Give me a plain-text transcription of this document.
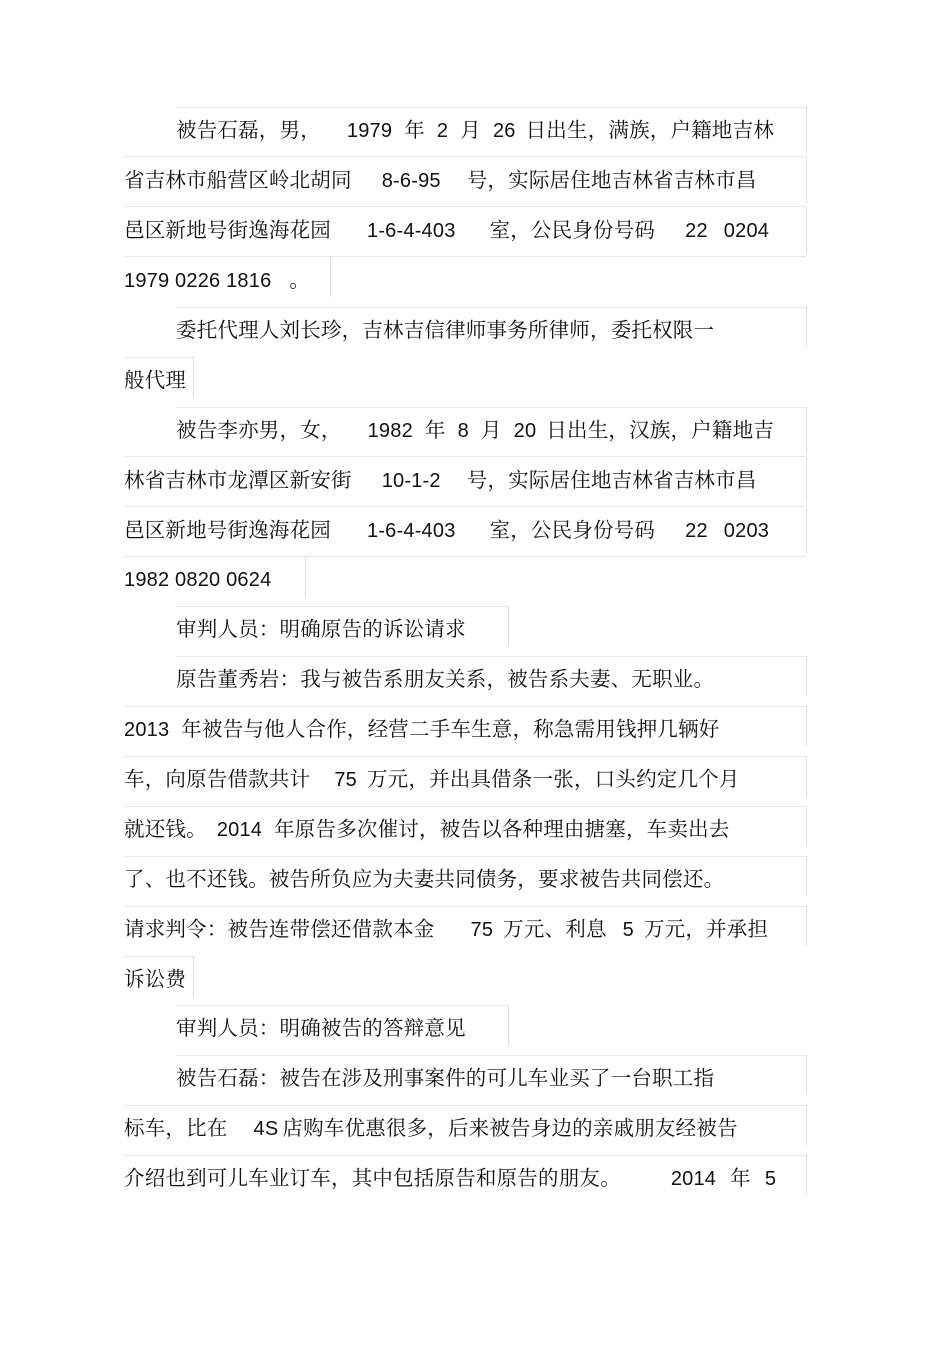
被告石磊，男， 1979 年 2 月 26 日出生，满族，户籍地吉林
省吉林市船营区岭北胡同 8-6-95 号，实际居住地吉林省吉林市昌
邑区新地号街逸海花园 1-6-4-403 室，公民身份号码 22 0204
1979 0226 1816 。
委托代理人刘长珍，吉林吉信律师事务所律师，委托权限一
般代理
被告李亦男，女， 1982 年 8 月 20 日出生，汉族，户籍地吉
林省吉林市龙潭区新安街 10-1-2 号，实际居住地吉林省吉林市昌
邑区新地号街逸海花园 1-6-4-403 室，公民身份号码 22 0203
1982 0820 0624
审判人员：明确原告的诉讼请求
原告董秀岩：我与被告系朋友关系，被告系夫妻、无职业。
2013 年被告与他人合作，经营二手车生意，称急需用钱押几辆好
车，向原告借款共计 75 万元，并出具借条一张，口头约定几个月
就还钱。 2014 年原告多次催讨，被告以各种理由搪塞，车卖出去
了、也不还钱。被告所负应为夫妻共同债务，要求被告共同偿还。
请求判令：被告连带偿还借款本金 75 万元、利息 5 万元，并承担
诉讼费
审判人员：明确被告的答辩意见
被告石磊：被告在涉及刑事案件的可儿车业买了一台职工指
标车，比在 4S 店购车优惠很多，后来被告身边的亲戚朋友经被告
介绍也到可儿车业订车，其中包括原告和原告的朋友。	2014 年 5
